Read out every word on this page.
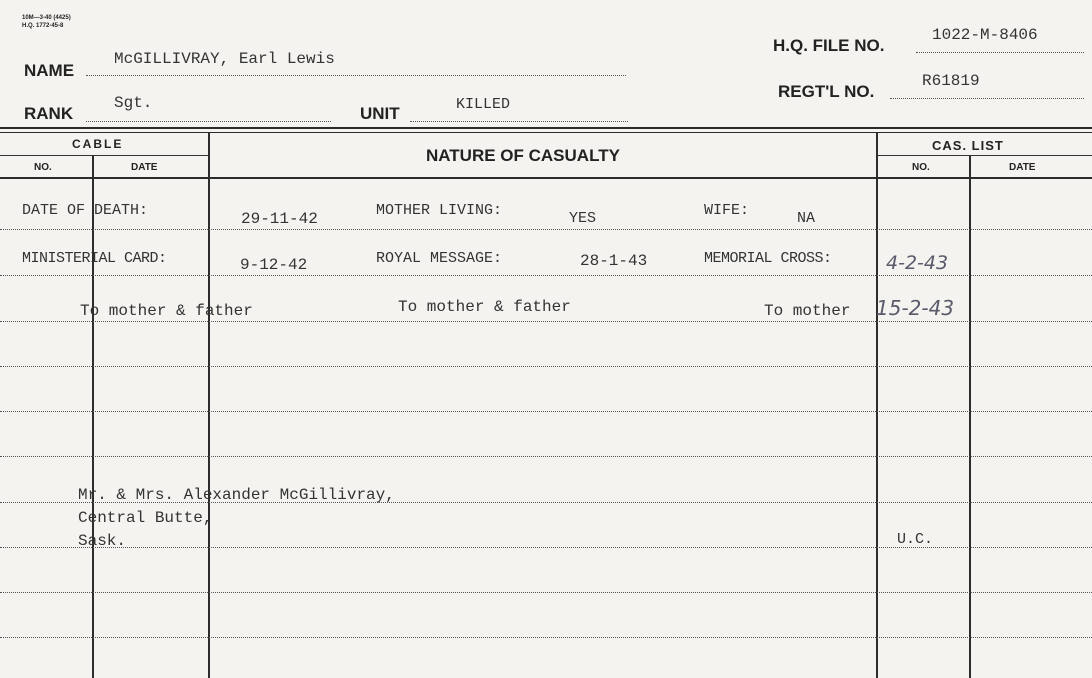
10M—3-40 (4425)
H.Q. 1772-45-8
NAME
McGILLIVRAY, Earl Lewis
RANK
Sgt.
UNIT	KILLED
H.Q. FILE NO.
1022-M-8406
REGT'L NO.
R61819
CABLE
NO.	DATE
NATURE OF CASUALTY
CAS. LIST
NO.	DATE
DATE OF DEATH:	29-11-42	MOTHER LIVING:	YES	WIFE:	NA
MINISTERIAL CARD:	9-12-42	ROYAL MESSAGE:	28-1-43	MEMORIAL CROSS:	4-2-43
To mother & father	To mother & father	To mother 15-2-43
Mr. & Mrs. Alexander McGillivray,
Central Butte,
Sask.	U.C.
